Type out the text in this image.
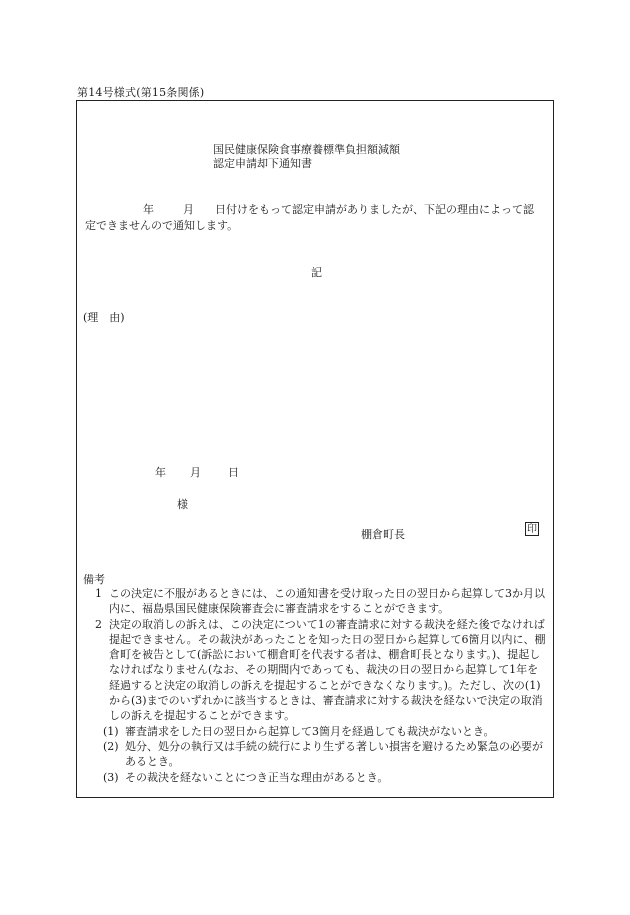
第14号様式(第15条関係)
国民健康保険食事療養標準負担額減額
認定申請却下通知書
年	月 日付けをもって認定申請がありましたが、下記の理由によって認
定できませんので通知します。
記
(理　由)
年 月 日
様
棚倉町長	印
備考
1 この決定に不服があるときには、この通知書を受け取った日の翌日から起算して3か月以内に、福島県国民健康保険審査会に審査請求をすることができます。
2 決定の取消しの訴えは、この決定について1の審査請求に対する裁決を経た後でなければ提起できません。その裁決があったことを知った日の翌日から起算して6箇月以内に、棚倉町を被告として(訴訟において棚倉町を代表する者は、棚倉町長となります。)、提起しなければなりません(なお、その期間内であっても、裁決の日の翌日から起算して1年を経過すると決定の取消しの訴えを提起することができなくなります。)。ただし、次の(1)から(3)までのいずれかに該当するときは、審査請求に対する裁決を経ないで決定の取消しの訴えを提起することができます。
(1) 審査請求をした日の翌日から起算して3箇月を経過しても裁決がないとき。
(2) 処分、処分の執行又は手続の続行により生ずる著しい損害を避けるため緊急の必要があるとき。
(3) その裁決を経ないことにつき正当な理由があるとき。
